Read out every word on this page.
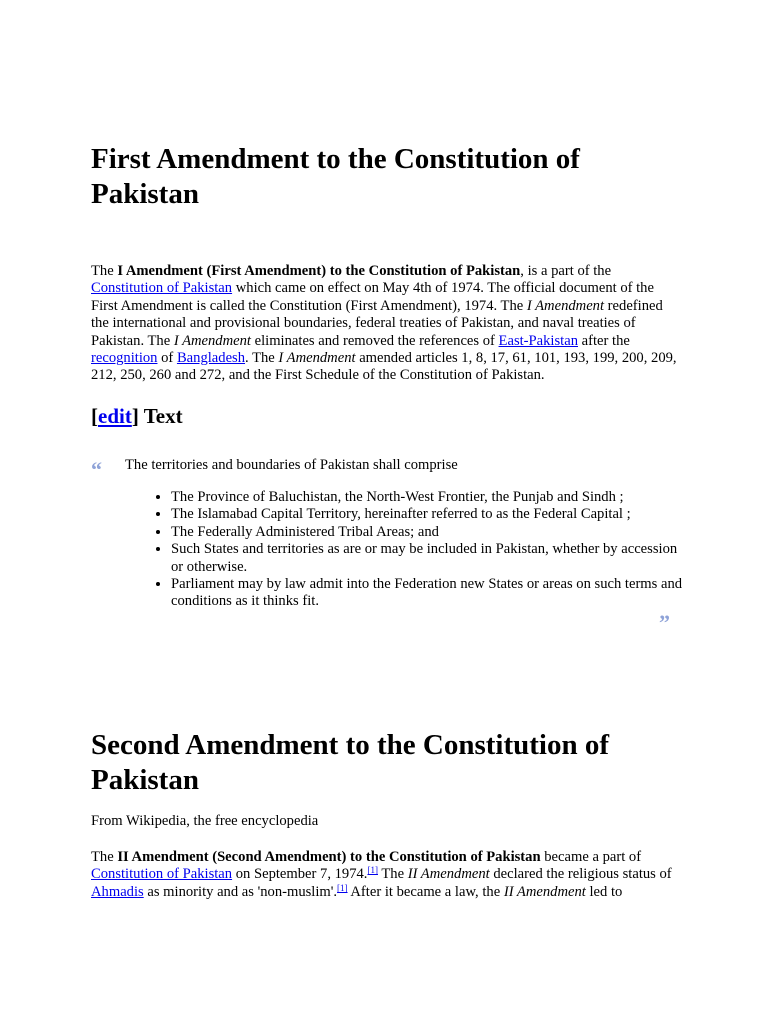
First Amendment to the Constitution of Pakistan

The I Amendment (First Amendment) to the Constitution of Pakistan, is a part of the Constitution of Pakistan which came on effect on May 4th of 1974. The official document of the First Amendment is called the Constitution (First Amendment), 1974. The I Amendment redefined the international and provisional boundaries, federal treaties of Pakistan, and naval treaties of Pakistan. The I Amendment eliminates and removed the references of East-Pakistan after the recognition of Bangladesh. The I Amendment amended articles 1, 8, 17, 61, 101, 193, 199, 200, 209, 212, 250, 260 and 272, and the First Schedule of the Constitution of Pakistan.

[edit] Text
“ The territories and boundaries of Pakistan shall comprise
• The Province of Baluchistan, the North-West Frontier, the Punjab and Sindh ;
• The Islamabad Capital Territory, hereinafter referred to as the Federal Capital ;
• The Federally Administered Tribal Areas; and
• Such States and territories as are or may be included in Pakistan, whether by accession or otherwise.
• Parliament may by law admit into the Federation new States or areas on such terms and conditions as it thinks fit.
”
Second Amendment to the Constitution of Pakistan

From Wikipedia, the free encyclopedia

The II Amendment (Second Amendment) to the Constitution of Pakistan became a part of Constitution of Pakistan on September 7, 1974.[1] The II Amendment declared the religious status of Ahmadis as minority and as 'non-muslim'.[1] After it became a law, the II Amendment led to
